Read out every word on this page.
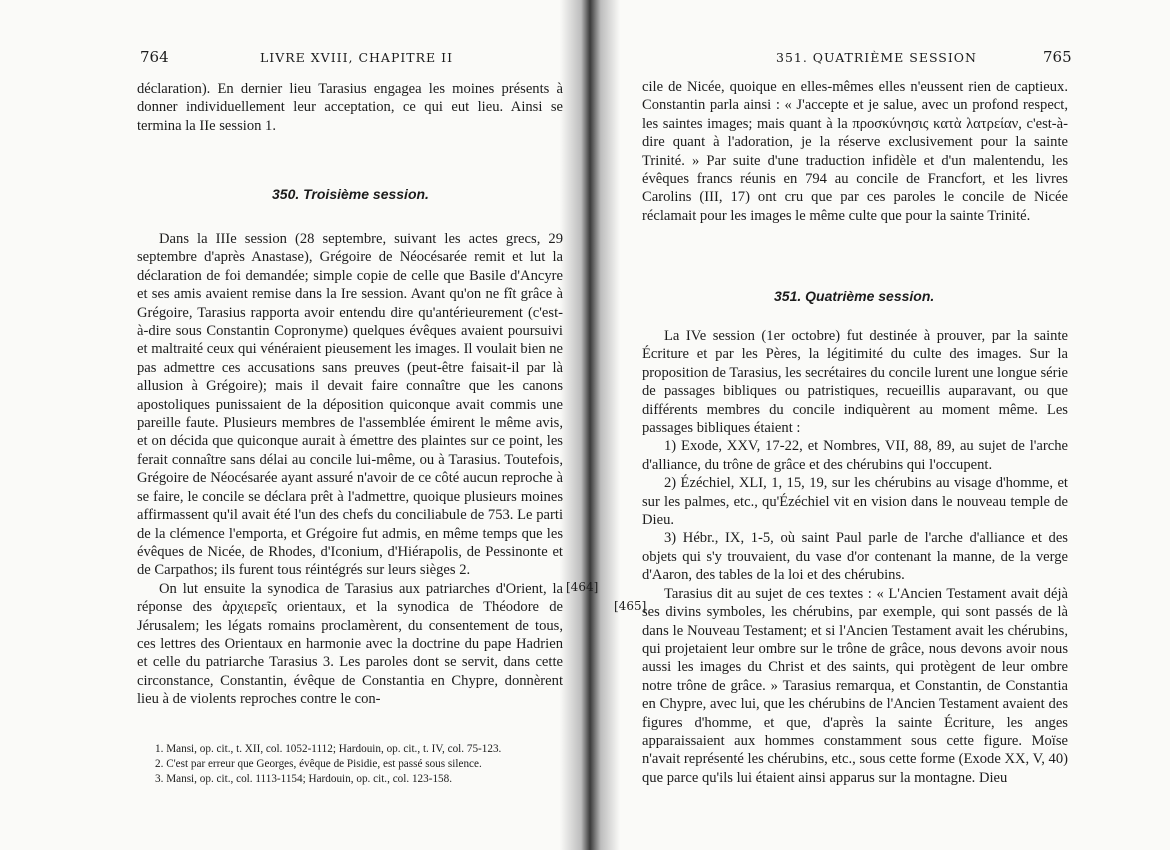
764	LIVRE XVIII, CHAPITRE II

déclaration). En dernier lieu Tarasius engagea les moines présents à donner individuellement leur acceptation, ce qui eut lieu. Ainsi se termina la IIe session 1.

350. Troisième session.

Dans la IIIe session (28 septembre, suivant les actes grecs, 29 septembre d'après Anastase), Grégoire de Néocésarée remit et lut la déclaration de foi demandée; simple copie de celle que Basile d'Ancyre et ses amis avaient remise dans la Ire session. Avant qu'on ne fît grâce à Grégoire, Tarasius rapporta avoir entendu dire qu'antérieurement (c'est-à-dire sous Constantin Copronyme) quelques évêques avaient poursuivi et maltraité ceux qui vénéraient pieusement les images. Il voulait bien ne pas admettre ces accusations sans preuves (peut-être faisait-il par là allusion à Grégoire); mais il devait faire connaître que les canons apostoliques punissaient de la déposition quiconque avait commis une pareille faute. Plusieurs membres de l'assemblée émirent le même avis, et on décida que quiconque aurait à émettre des plaintes sur ce point, les ferait connaître sans délai au concile lui-même, ou à Tarasius. Toutefois, Grégoire de Néocésarée ayant assuré n'avoir de ce côté aucun reproche à se faire, le concile se déclara prêt à l'admettre, quoique plusieurs moines affirmassent qu'il avait été l'un des chefs du conciliabule de 753. Le parti de la clémence l'emporta, et Grégoire fut admis, en même temps que les évêques de Nicée, de Rhodes, d'Iconium, d'Hiérapolis, de Pessinonte et de Carpathos; ils furent tous réintégrés sur leurs sièges 2.

On lut ensuite la synodica de Tarasius aux patriarches d'Orient, la réponse des ἀρχιερεῖς orientaux, et la synodica de Théodore de Jérusalem; les légats romains proclamèrent, du consentement de tous, ces lettres des Orientaux en harmonie avec la doctrine du pape Hadrien et celle du patriarche Tarasius 3. Les paroles dont se servit, dans cette circonstance, Constantin, évêque de Constantia en Chypre, donnèrent lieu à de violents reproches contre le con-

[464]
1. Mansi, op. cit., t. XII, col. 1052-1112; Hardouin, op. cit., t. IV, col. 75-123.
2. C'est par erreur que Georges, évêque de Pisidie, est passé sous silence.
3. Mansi, op. cit., col. 1113-1154; Hardouin, op. cit., col. 123-158.
351. QUATRIÈME SESSION	765

cile de Nicée, quoique en elles-mêmes elles n'eussent rien de captieux. Constantin parla ainsi : « J'accepte et je salue, avec un profond respect, les saintes images; mais quant à la προσκύνησις κατὰ λατρείαν, c'est-à-dire quant à l'adoration, je la réserve exclusivement pour la sainte Trinité. » Par suite d'une traduction infidèle et d'un malentendu, les évêques francs réunis en 794 au concile de Francfort, et les livres Carolins (III, 17) ont cru que par ces paroles le concile de Nicée réclamait pour les images le même culte que pour la sainte Trinité.

351. Quatrième session.

La IVe session (1er octobre) fut destinée à prouver, par la sainte Écriture et par les Pères, la légitimité du culte des images. Sur la proposition de Tarasius, les secrétaires du concile lurent une longue série de passages bibliques ou patristiques, recueillis auparavant, ou que différents membres du concile indiquèrent au moment même. Les passages bibliques étaient :

1) Exode, XXV, 17-22, et Nombres, VII, 88, 89, au sujet de l'arche d'alliance, du trône de grâce et des chérubins qui l'occupent.

2) Ézéchiel, XLI, 1, 15, 19, sur les chérubins au visage d'homme, et sur les palmes, etc., qu'Ézéchiel vit en vision dans le nouveau temple de Dieu.

3) Hébr., IX, 1-5, où saint Paul parle de l'arche d'alliance et des objets qui s'y trouvaient, du vase d'or contenant la manne, de la verge d'Aaron, des tables de la loi et des chérubins.

Tarasius dit au sujet de ces textes : « L'Ancien Testament avait déjà ses divins symboles, les chérubins, par exemple, qui sont passés de là dans le Nouveau Testament; et si l'Ancien Testament avait les chérubins, qui projetaient leur ombre sur le trône de grâce, nous devons avoir nous aussi les images du Christ et des saints, qui protègent de leur ombre notre trône de grâce. » Tarasius remarqua, et Constantin, de Constantia en Chypre, avec lui, que les chérubins de l'Ancien Testament avaient des figures d'homme, et que, d'après la sainte Écriture, les anges apparaissaient aux hommes constamment sous cette figure. Moïse n'avait représenté les chérubins, etc., sous cette forme (Exode XX, V, 40) que parce qu'ils lui étaient ainsi apparus sur la montagne. Dieu

[465]
